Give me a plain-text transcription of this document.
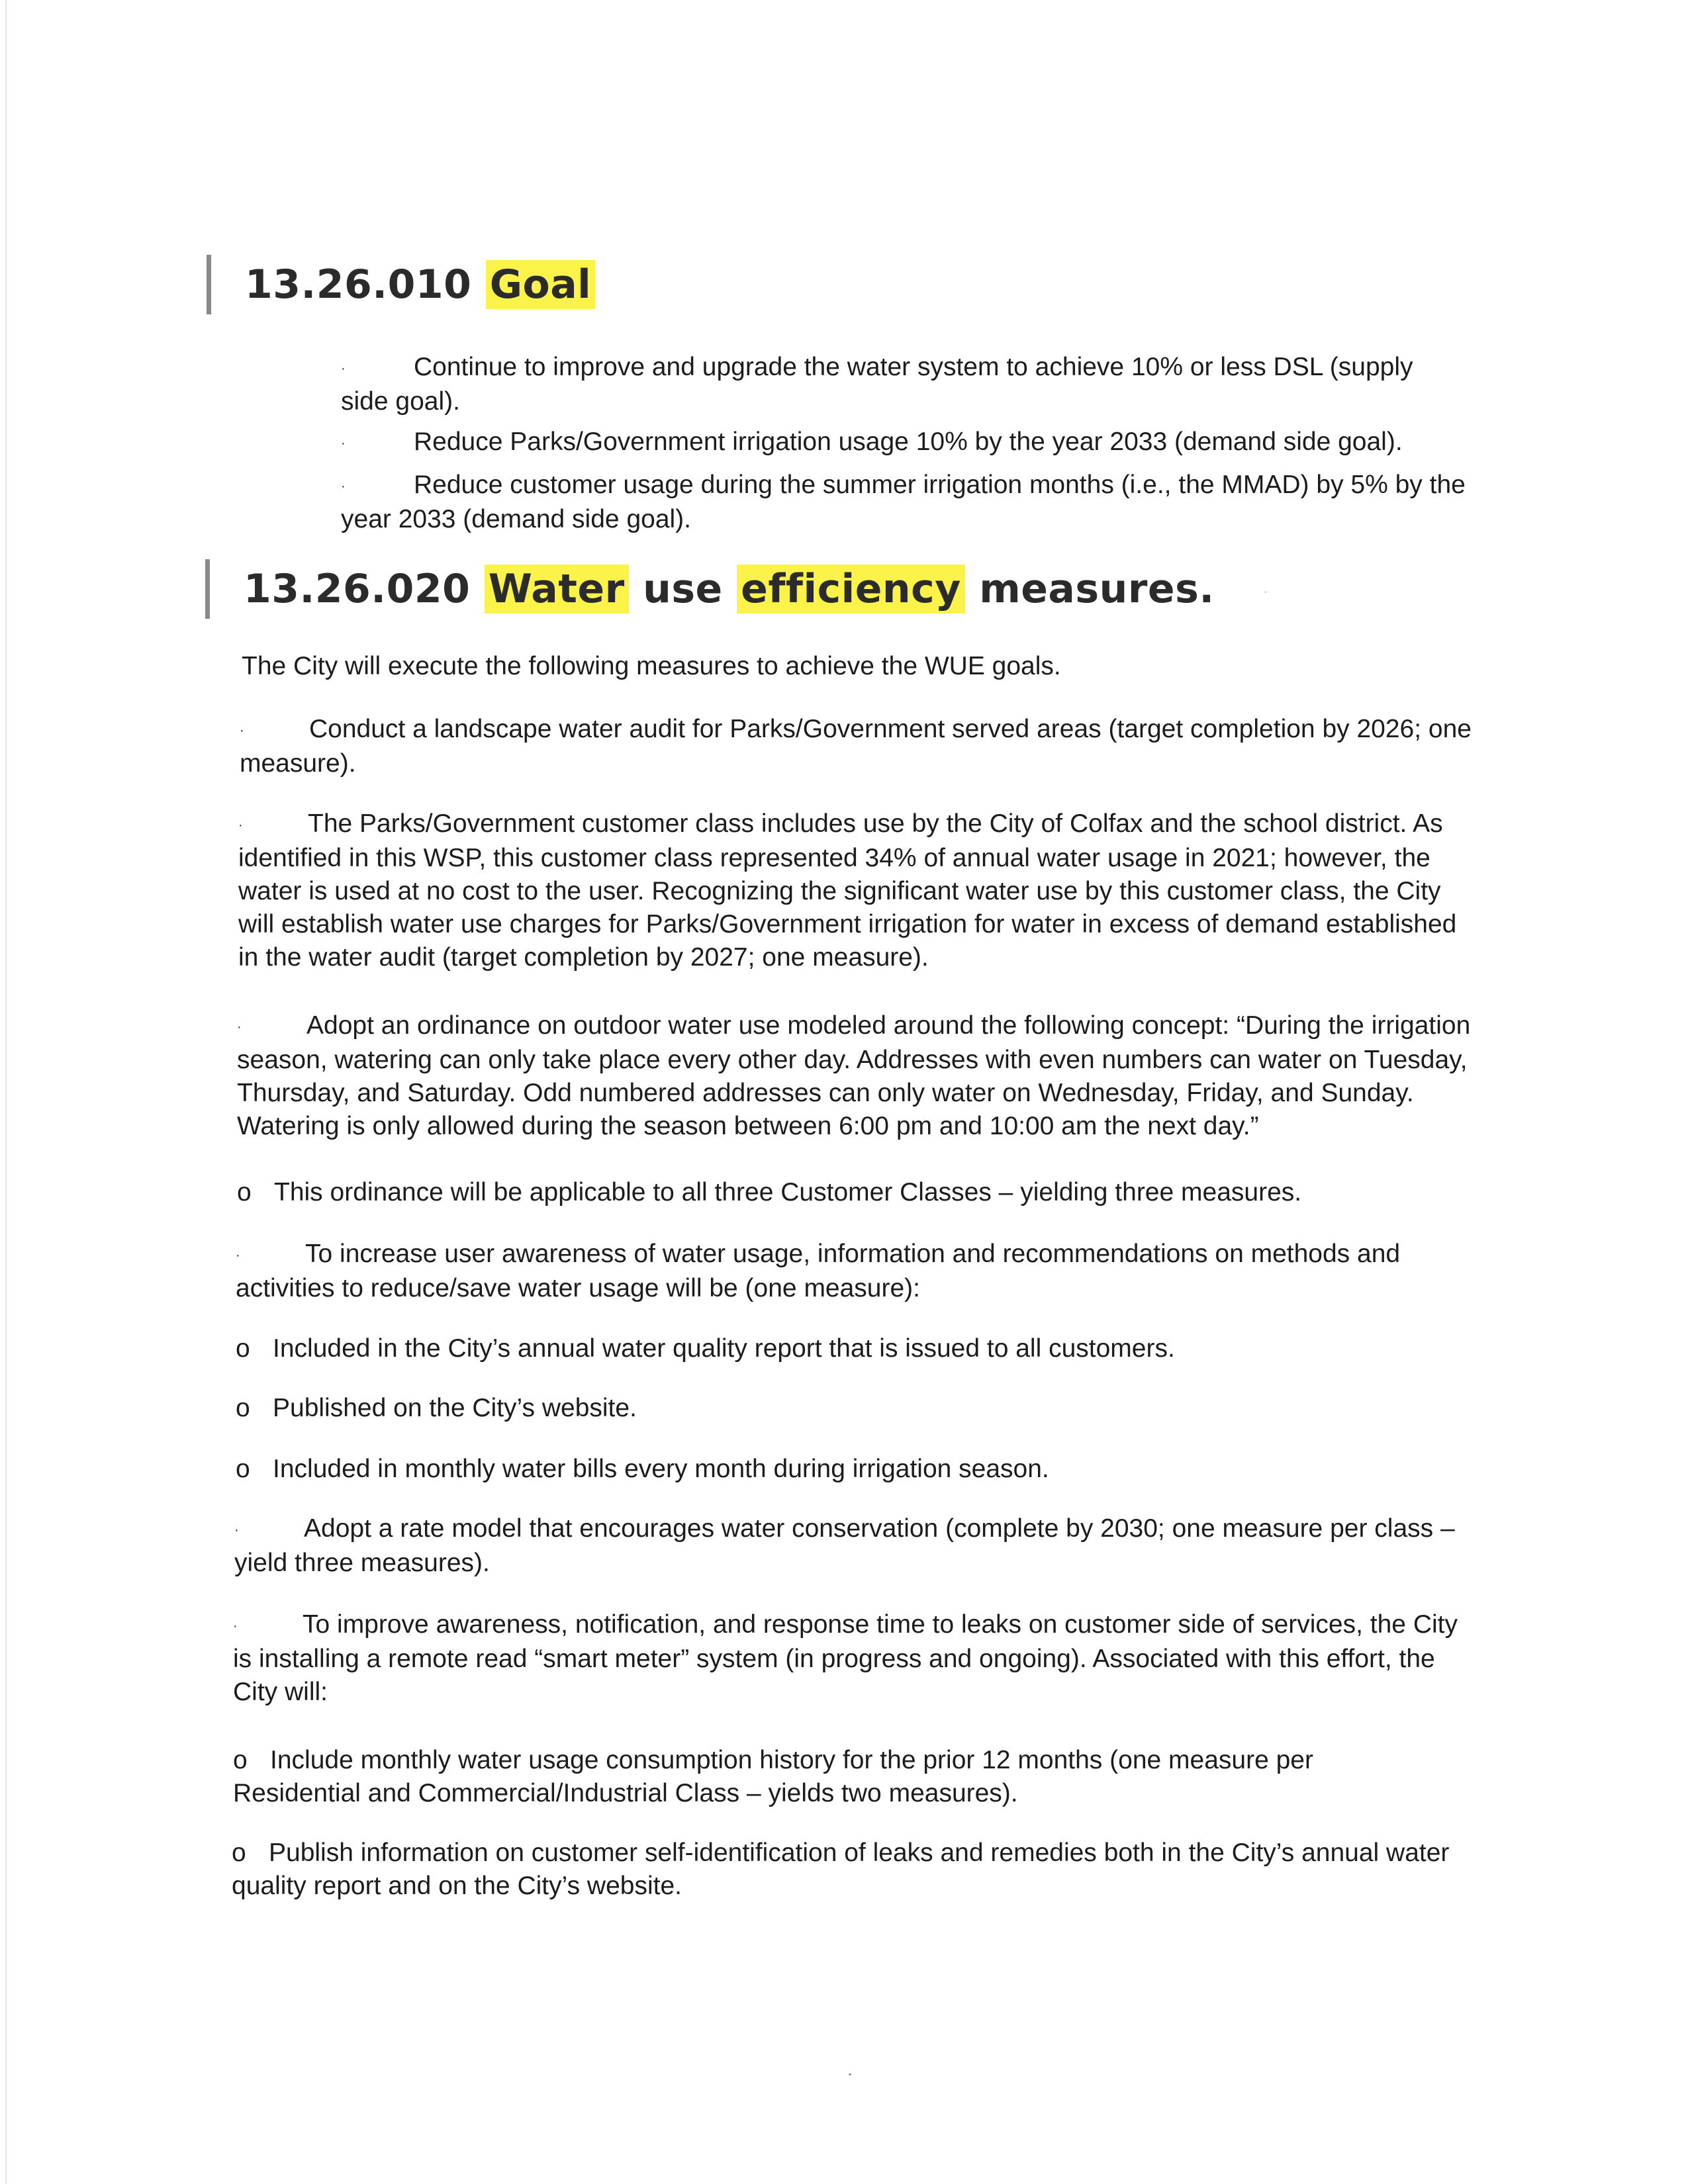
13.26.010 Goal

·	Continue to improve and upgrade the water system to achieve 10% or less DSL (supply side goal).

·	Reduce Parks/Government irrigation usage 10% by the year 2033 (demand side goal).

·	Reduce customer usage during the summer irrigation months (i.e., the MMAD) by 5% by the year 2033 (demand side goal).

13.26.020 Water use efficiency measures.

The City will execute the following measures to achieve the WUE goals.

·	Conduct a landscape water audit for Parks/Government served areas (target completion by 2026; one measure).

·	The Parks/Government customer class includes use by the City of Colfax and the school district. As identified in this WSP, this customer class represented 34% of annual water usage in 2021; however, the water is used at no cost to the user. Recognizing the significant water use by this customer class, the City will establish water use charges for Parks/Government irrigation for water in excess of demand established in the water audit (target completion by 2027; one measure).

·	Adopt an ordinance on outdoor water use modeled around the following concept: “During the irrigation season, watering can only take place every other day. Addresses with even numbers can water on Tuesday, Thursday, and Saturday. Odd numbered addresses can only water on Wednesday, Friday, and Sunday. Watering is only allowed during the season between 6:00 pm and 10:00 am the next day.”

o This ordinance will be applicable to all three Customer Classes – yielding three measures.

·	To increase user awareness of water usage, information and recommendations on methods and activities to reduce/save water usage will be (one measure):

o Included in the City’s annual water quality report that is issued to all customers.

o Published on the City’s website.

o Included in monthly water bills every month during irrigation season.

·	Adopt a rate model that encourages water conservation (complete by 2030; one measure per class – yield three measures).

·	To improve awareness, notification, and response time to leaks on customer side of services, the City is installing a remote read “smart meter” system (in progress and ongoing). Associated with this effort, the City will:

o Include monthly water usage consumption history for the prior 12 months (one measure per Residential and Commercial/Industrial Class – yields two measures).

o Publish information on customer self-identification of leaks and remedies both in the City’s annual water quality report and on the City’s website.
